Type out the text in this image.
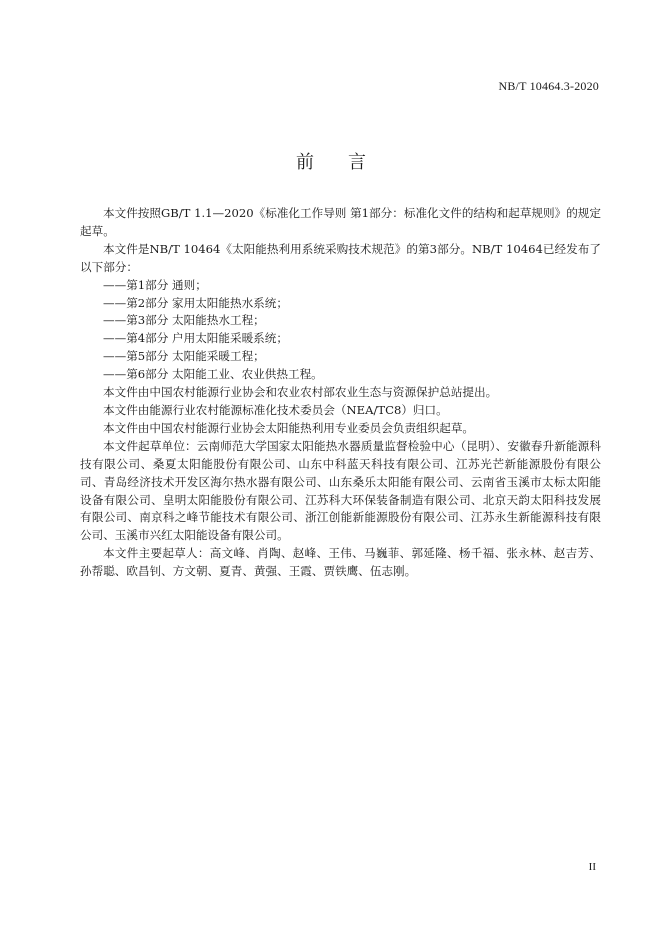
NB/T 10464.3-2020
前言

本文件按照GB/T 1.1—2020《标准化工作导则 第1部分：标准化文件的结构和起草规则》的规定起草。

本文件是NB/T 10464《太阳能热利用系统采购技术规范》的第3部分。NB/T 10464已经发布了以下部分：

——第1部分 通则；

——第2部分 家用太阳能热水系统；

——第3部分 太阳能热水工程；

——第4部分 户用太阳能采暖系统；

——第5部分 太阳能采暖工程；

——第6部分 太阳能工业、农业供热工程。

本文件由中国农村能源行业协会和农业农村部农业生态与资源保护总站提出。

本文件由能源行业农村能源标准化技术委员会（NEA/TC8）归口。

本文件由中国农村能源行业协会太阳能热利用专业委员会负责组织起草。

本文件起草单位：云南师范大学国家太阳能热水器质量监督检验中心（昆明）、安徽春升新能源科技有限公司、桑夏太阳能股份有限公司、山东中科蓝天科技有限公司、江苏光芒新能源股份有限公司、青岛经济技术开发区海尔热水器有限公司、山东桑乐太阳能有限公司、云南省玉溪市太标太阳能设备有限公司、皇明太阳能股份有限公司、江苏科大环保装备制造有限公司、北京天韵太阳科技发展有限公司、南京科之峰节能技术有限公司、浙江创能新能源股份有限公司、江苏永生新能源科技有限公司、玉溪市兴红太阳能设备有限公司。

本文件主要起草人：高文峰、肖陶、赵峰、王伟、马巍菲、郭延隆、杨千福、张永林、赵吉芳、孙帮聪、欧昌钊、方文朝、夏青、黄强、王霞、贾铁鹰、伍志刚。

II
